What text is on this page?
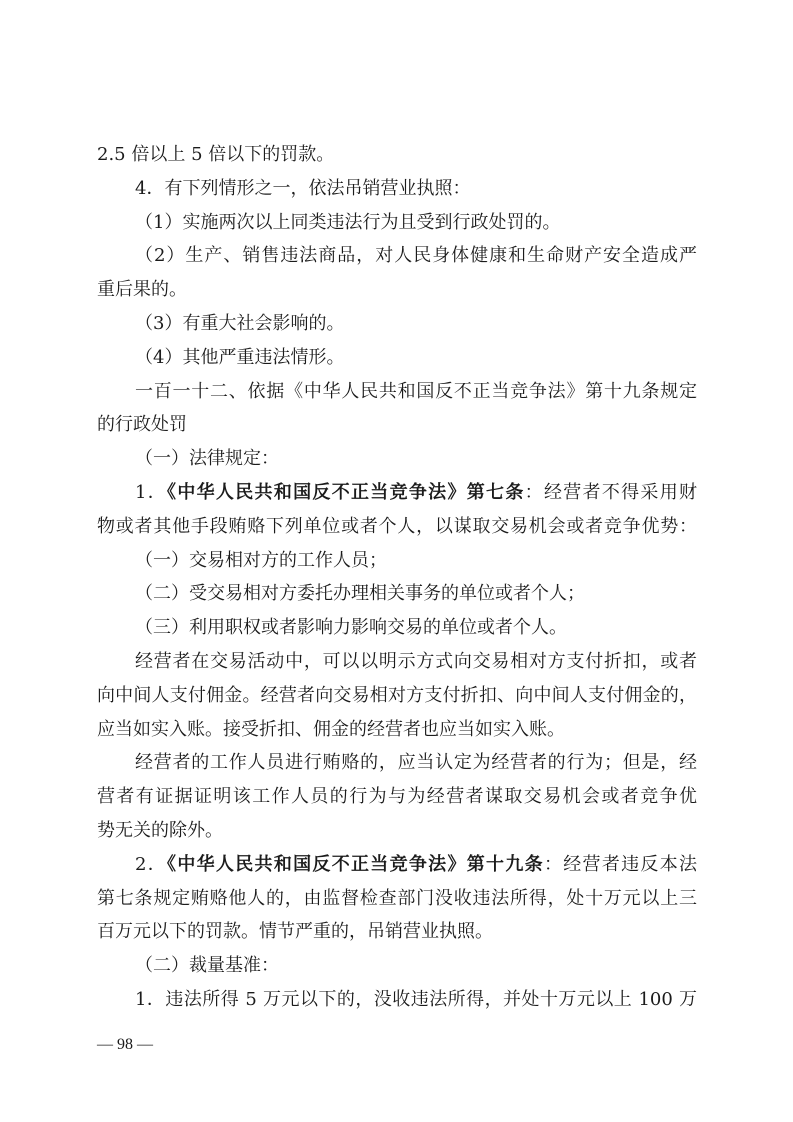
2.5 倍以上 5 倍以下的罚款。
4．有下列情形之一，依法吊销营业执照：
（1）实施两次以上同类违法行为且受到行政处罚的。
（2）生产、销售违法商品，对人民身体健康和生命财产安全造成严
重后果的。
（3）有重大社会影响的。
（4）其他严重违法情形。
一百一十二、依据《中华人民共和国反不正当竞争法》第十九条规定
的行政处罚
（一）法律规定：
1．《中华人民共和国反不正当竞争法》第七条：经营者不得采用财
物或者其他手段贿赂下列单位或者个人，以谋取交易机会或者竞争优势：
（一）交易相对方的工作人员；
（二）受交易相对方委托办理相关事务的单位或者个人；
（三）利用职权或者影响力影响交易的单位或者个人。
经营者在交易活动中，可以以明示方式向交易相对方支付折扣，或者
向中间人支付佣金。经营者向交易相对方支付折扣、向中间人支付佣金的，
应当如实入账。接受折扣、佣金的经营者也应当如实入账。
经营者的工作人员进行贿赂的，应当认定为经营者的行为；但是，经
营者有证据证明该工作人员的行为与为经营者谋取交易机会或者竞争优
势无关的除外。
2．《中华人民共和国反不正当竞争法》第十九条：经营者违反本法
第七条规定贿赂他人的，由监督检查部门没收违法所得，处十万元以上三
百万元以下的罚款。情节严重的，吊销营业执照。
（二）裁量基准：
1．违法所得 5 万元以下的，没收违法所得，并处十万元以上 100 万
— 98 —
